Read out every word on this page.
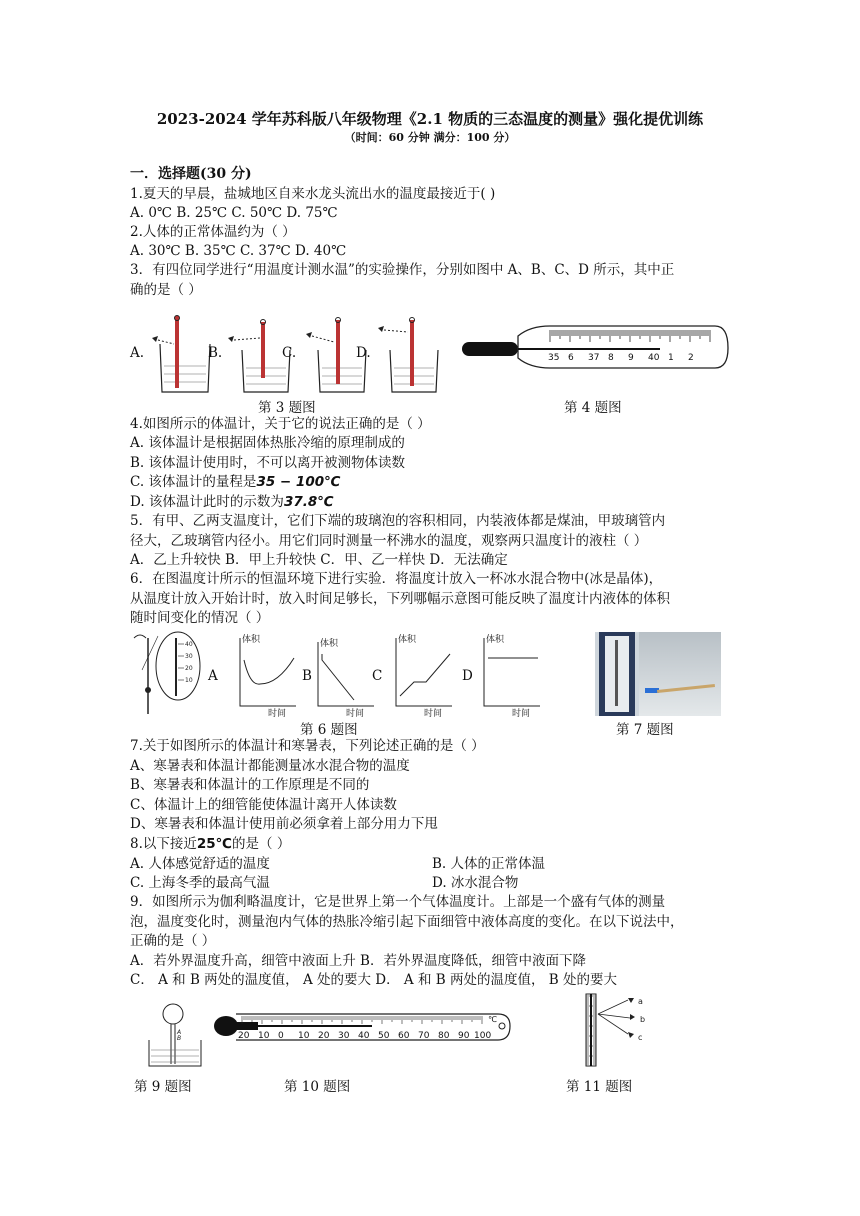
2023-2024 学年苏科版八年级物理《2.1 物质的三态温度的测量》强化提优训练
（时间：60 分钟 满分：100 分）
一．选择题(30 分)
1.夏天的早晨，盐城地区自来水龙头流出水的温度最接近于( )
A. 0℃ B. 25℃ C. 50℃ D. 75℃
2.人体的正常体温约为（ ）
A. 30℃ B. 35℃ C. 37℃ D. 40℃
3．有四位同学进行“用温度计测水温”的实验操作，分别如图中 A、B、C、D 所示，其中正
确的是（ ）
A.	B.	C.	D.
第 3 题图
35 6 37 8 9 40 1 2
第 4 题图
4.如图所示的体温计，关于它的说法正确的是（ ）
A. 该体温计是根据固体热胀冷缩的原理制成的
B. 该体温计使用时，不可以离开被测物体读数
C. 该体温计的量程是35 − 100℃
D. 该体温计此时的示数为37.8℃
5．有甲、乙两支温度计，它们下端的玻璃泡的容积相同，内装液体都是煤油，甲玻璃管内
径大，乙玻璃管内径小。用它们同时测量一杯沸水的温度，观察两只温度计的液柱（ ）
A．乙上升较快 B．甲上升较快 C．甲、乙一样快 D．无法确定
6．在图温度计所示的恒温环境下进行实验．将温度计放入一杯冰水混合物中(冰是晶体)，
从温度计放入开始计时，放入时间足够长，下列哪幅示意图可能反映了温度计内液体的体积
随时间变化的情况（ ）
40
30
20
10
体积
时间
体积
时间
体积
时间
体积
时间
A	B	C	D
第 6 题图	第 7 题图
7.关于如图所示的体温计和寒暑表，下列论述正确的是（ ）
A、寒暑表和体温计都能测量冰水混合物的温度
B、寒暑表和体温计的工作原理是不同的
C、体温计上的细管能使体温计离开人体读数
D、寒暑表和体温计使用前必须拿着上部分用力下甩
8.以下接近25℃的是（ ）
A. 人体感觉舒适的温度	B. 人体的正常体温
C. 上海冬季的最高气温	D. 冰水混合物
9．如图所示为伽利略温度计，它是世界上第一个气体温度计。上部是一个盛有气体的测量
泡，温度变化时，测量泡内气体的热胀冷缩引起下面细管中液体高度的变化。在以下说法中，
正确的是（ ）
A．若外界温度升高，细管中液面上升 B．若外界温度降低，细管中液面下降
C． A 和 B 两处的温度值， A 处的要大 D． A 和 B 两处的温度值， B 处的要大
A
B
第 9 题图
20 10 0 10 20 30 40 50 60 70 80 90 100
℃
第 10 题图
a
b
c
第 11 题图
